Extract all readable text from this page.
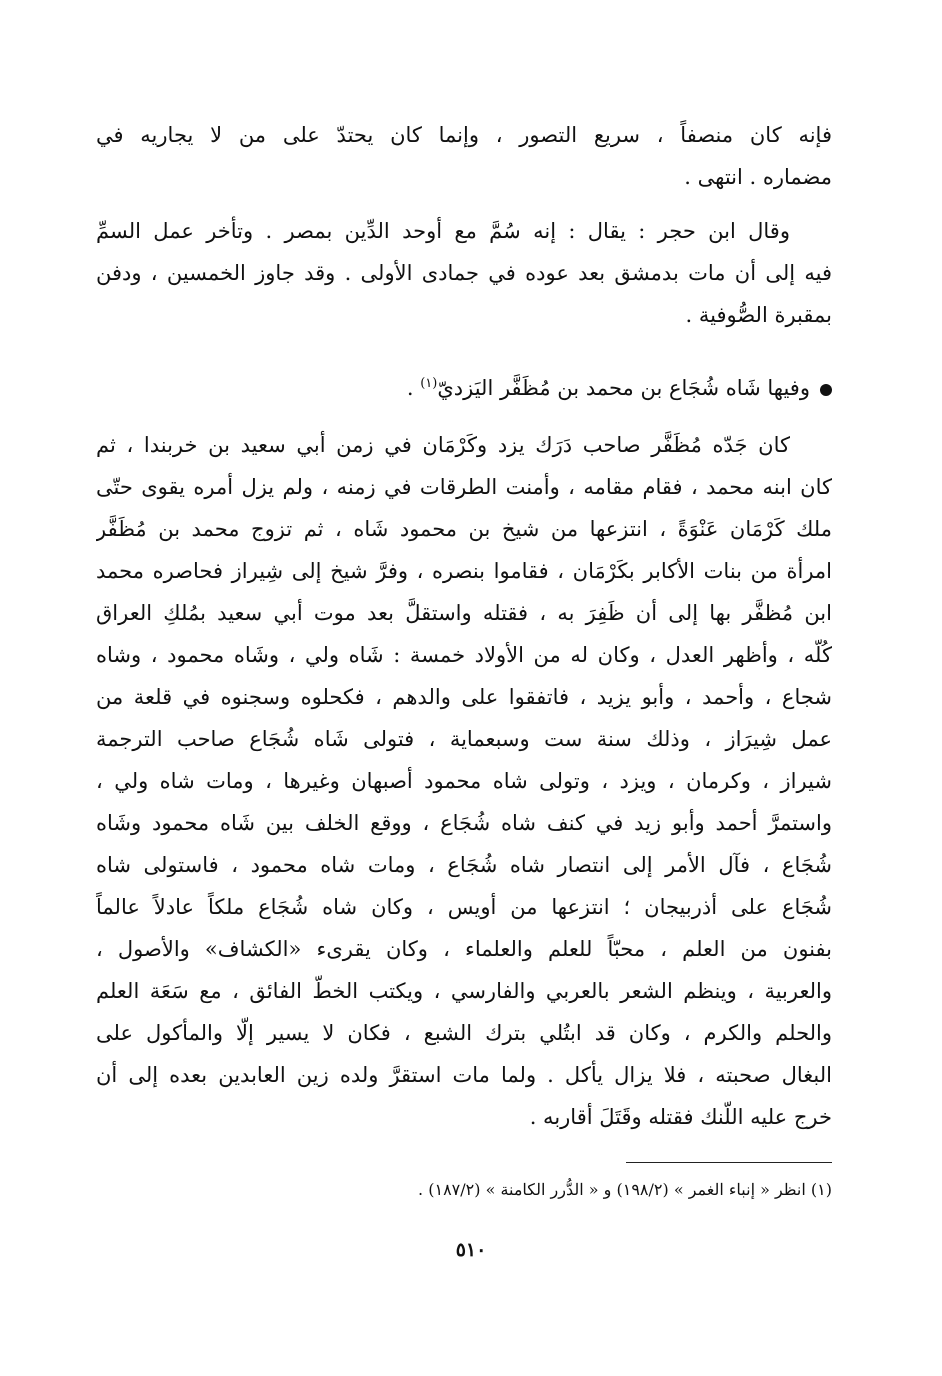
فإنه كان منصفاً ، سريع التصور ، وإنما كان يحتدّ على من لا يجاريه في
مضماره . انتهى .
وقال ابن حجر : يقال : إنه سُمَّ مع أوحد الدِّين بمصر . وتأخر عمل السمِّ
فيه إلى أن مات بدمشق بعد عوده في جمادى الأولى . وقد جاوز الخمسين ، ودفن
بمقبرة الصُّوفية .
وفيها شَاه شُجَاع بن محمد بن مُظَفَّر اليَزديّ$^{(١)}$ .
كان جَدّه مُظَفَّر صاحب دَرَك يزد وكَرْمَان في زمن أبي سعيد بن خربندا ، ثم
كان ابنه محمد ، فقام مقامه ، وأمنت الطرقات في زمنه ، ولم يزل أمره يقوى حتّى
ملك كَرْمَان عَنْوَةً ، انتزعها من شيخ بن محمود شَاه ، ثم تزوج محمد بن مُظَفَّر
امرأة من بنات الأكابر بكَرْمَان ، فقاموا بنصره ، وفرَّ شيخ إلى شِيراز فحاصره محمد
ابن مُظفَّر بها إلى أن ظَفِرَ به ، فقتله واستقلَّ بعد موت أبي سعيد بمُلكِ العراق
كُلّه ، وأظهر العدل ، وكان له من الأولاد خمسة : شَاه ولي ، وشَاه محمود ، وشاه
شجاع ، وأحمد ، وأبو يزيد ، فاتفقوا على والدهم ، فكحلوه وسجنوه في قلعة من
عمل شِيرَاز ، وذلك سنة ست وسبعماية ، فتولى شَاه شُجَاع صاحب الترجمة
شيراز ، وكرمان ، ويزد ، وتولى شاه محمود أصبهان وغيرها ، ومات شاه ولي ،
واستمرَّ أحمد وأبو زيد في كنف شاه شُجَاع ، ووقع الخلف بين شَاه محمود وشَاه
شُجَاع ، فآل الأمر إلى انتصار شاه شُجَاع ، ومات شاه محمود ، فاستولى شاه
شُجَاع على أذربيجان ؛ انتزعها من أويس ، وكان شاه شُجَاع ملكاً عادلاً عالماً
بفنون من العلم ، محبّاً للعلم والعلماء ، وكان يقرىء «الكشاف» والأصول ،
والعربية ، وينظم الشعر بالعربي والفارسي ، ويكتب الخطّ الفائق ، مع سَعَة العلم
والحلم والكرم ، وكان قد ابتُلي بترك الشبع ، فكان لا يسير إلّا والمأكول على
البغال صحبته ، فلا يزال يأكل . ولما مات استقرَّ ولده زين العابدين بعده إلى أن
خرج عليه اللّنك فقتله وقَتَلَ أقاربه .
(١) انظر « إنباء الغمر » (١٩٨/٢) و « الدُّرر الكامنة » (١٨٧/٢) .
٥١٠
